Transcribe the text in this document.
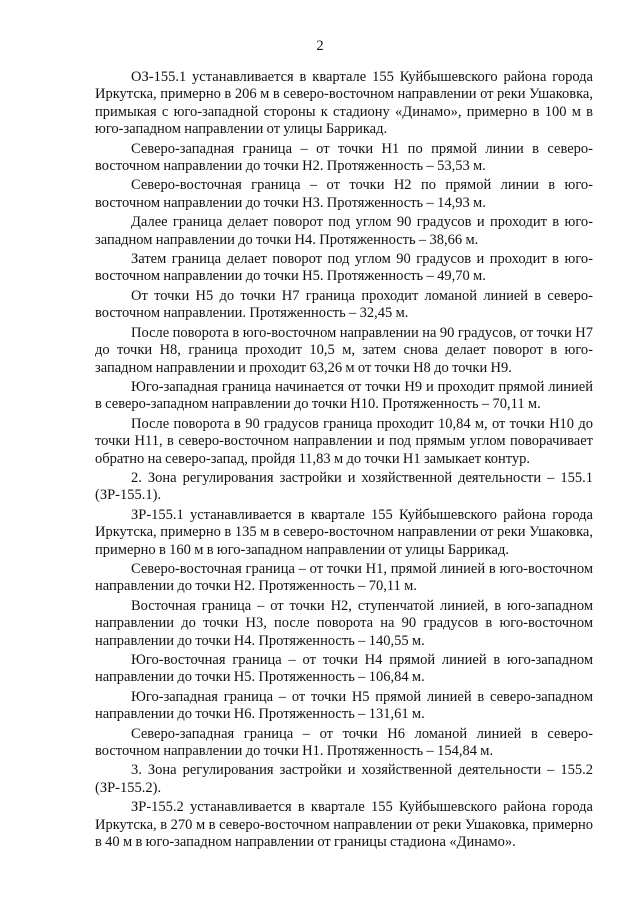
2

ОЗ-155.1 устанавливается в квартале 155 Куйбышевского района города Иркутска, примерно в 206 м в северо-восточном направлении от реки Ушаковка, примыкая с юго-западной стороны к стадиону «Динамо», примерно в 100 м в юго-западном направлении от улицы Баррикад.

Северо-западная граница – от точки Н1 по прямой линии в северо-восточном направлении до точки Н2. Протяженность – 53,53 м.

Северо-восточная граница – от точки Н2 по прямой линии в юго-восточном направлении до точки Н3. Протяженность – 14,93 м.

Далее граница делает поворот под углом 90 градусов и проходит в юго-западном направлении до точки Н4. Протяженность – 38,66 м.

Затем граница делает поворот под углом 90 градусов и проходит в юго-восточном направлении до точки Н5. Протяженность – 49,70 м.

От точки Н5 до точки Н7 граница проходит ломаной линией в северо-восточном направлении. Протяженность – 32,45 м.

После поворота в юго-восточном направлении на 90 градусов, от точки Н7 до точки Н8, граница проходит 10,5 м, затем снова делает поворот в юго-западном направлении и проходит 63,26 м от точки Н8 до точки Н9.

Юго-западная граница начинается от точки Н9 и проходит прямой линией в северо-западном направлении до точки Н10. Протяженность – 70,11 м.

После поворота в 90 градусов граница проходит 10,84 м, от точки Н10 до точки Н11, в северо-восточном направлении и под прямым углом поворачивает обратно на северо-запад, пройдя 11,83 м до точки Н1 замыкает контур.

2. Зона регулирования застройки и хозяйственной деятельности – 155.1 (ЗР-155.1).

ЗР-155.1 устанавливается в квартале 155 Куйбышевского района города Иркутска, примерно в 135 м в северо-восточном направлении от реки Ушаковка, примерно в 160 м в юго-западном направлении от улицы Баррикад.

Северо-восточная граница – от точки Н1, прямой линией в юго-восточном направлении до точки Н2. Протяженность – 70,11 м.

Восточная граница – от точки Н2, ступенчатой линией, в юго-западном направлении до точки Н3, после поворота на 90 градусов в юго-восточном направлении до точки Н4. Протяженность – 140,55 м.

Юго-восточная граница – от точки Н4 прямой линией в юго-западном направлении до точки Н5. Протяженность – 106,84 м.

Юго-западная граница – от точки Н5 прямой линией в северо-западном направлении до точки Н6. Протяженность – 131,61 м.

Северо-западная граница – от точки Н6 ломаной линией в северо-восточном направлении до точки Н1. Протяженность – 154,84 м.

3. Зона регулирования застройки и хозяйственной деятельности – 155.2 (ЗР-155.2).

ЗР-155.2 устанавливается в квартале 155 Куйбышевского района города Иркутска, в 270 м в северо-восточном направлении от реки Ушаковка, примерно в 40 м в юго-западном направлении от границы стадиона «Динамо».
